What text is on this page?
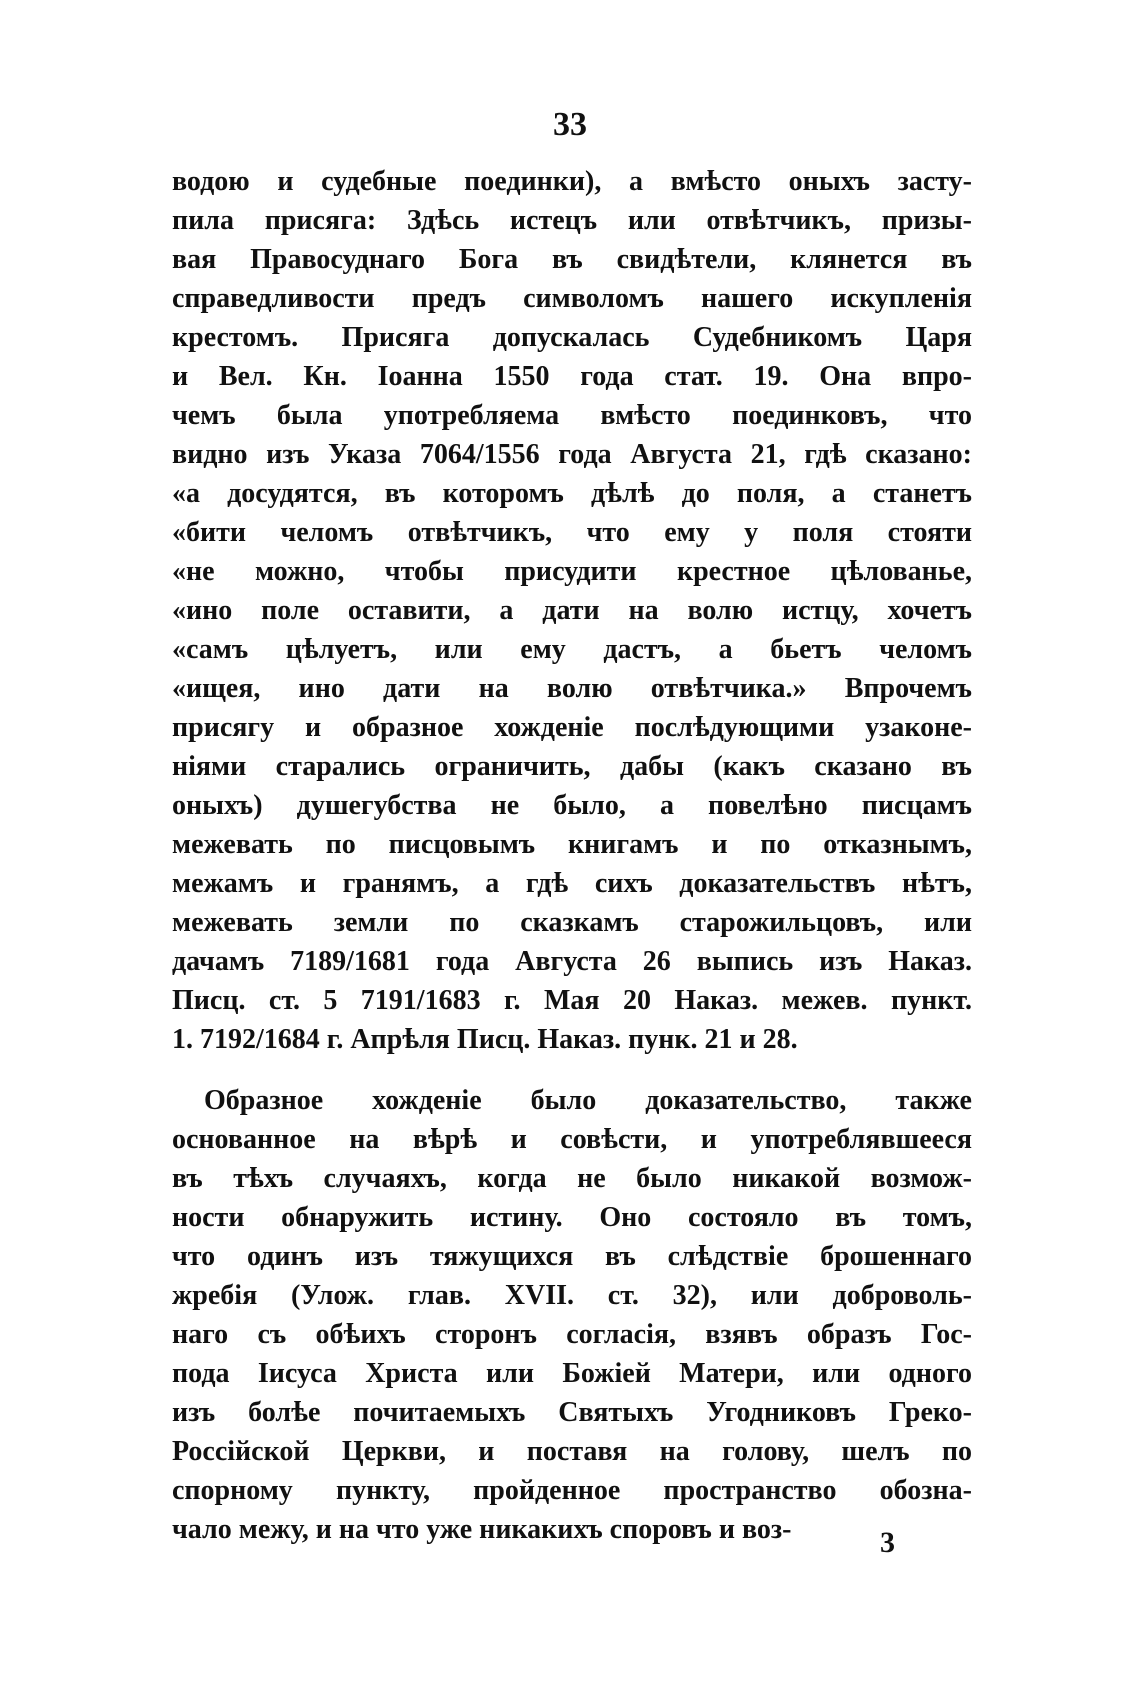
33
водою и судебные поединки), а вмѣсто оныхъ засту-
пила присяга: Здѣсь истецъ или отвѣтчикъ, призы-
вая Правосуднаго Бога въ свидѣтели, клянется въ
справедливости предъ символомъ нашего искупленія
крестомъ. Присяга допускалась Судебникомъ Царя
и Вел. Кн. Іоанна 1550 года стат. 19. Она впро-
чемъ была употребляема вмѣсто поединковъ, что
видно изъ Указа 7064/1556 года Августа 21, гдѣ сказано:
«а досудятся, въ которомъ дѣлѣ до поля, а станетъ
«бити челомъ отвѣтчикъ, что ему у поля стояти
«не можно, чтобы присудити крестное цѣлованье,
«ино поле оставити, а дати на волю истцу, хочетъ
«самъ цѣлуетъ, или ему дастъ, а бьетъ челомъ
«ищея, ино дати на волю отвѣтчика.» Впрочемъ
присягу и образное хожденіе послѣдующими узаконе-
ніями старались ограничить, дабы (какъ сказано въ
оныхъ) душегубства не было, а повелѣно писцамъ
межевать по писцовымъ книгамъ и по отказнымъ,
межамъ и гранямъ, а гдѣ сихъ доказательствъ нѣтъ,
межевать земли по сказкамъ старожильцовъ, или
дачамъ 7189/1681 года Августа 26 выпись изъ Наказ.
Писц. ст. 5 7191/1683 г. Мая 20 Наказ. межев. пункт.
1. 7192/1684 г. Апрѣля Писц. Наказ. пунк. 21 и 28.
Образное хожденіе было доказательство, также
основанное на вѣрѣ и совѣсти, и употреблявшееся
въ тѣхъ случаяхъ, когда не было никакой возмож-
ности обнаружить истину. Оно состояло въ томъ,
что одинъ изъ тяжущихся въ слѣдствіе брошеннаго
жребія (Улож. глав. XVII. ст. 32), или доброволь-
наго съ обѣихъ сторонъ согласія, взявъ образъ Гос-
пода Іисуса Христа или Божіей Матери, или одного
изъ болѣе почитаемыхъ Святыхъ Угодниковъ Греко-
Россійской Церкви, и поставя на голову, шелъ по
спорному пункту, пройденное пространство обозна-
чало межу, и на что уже никакихъ споровъ и воз-	3
